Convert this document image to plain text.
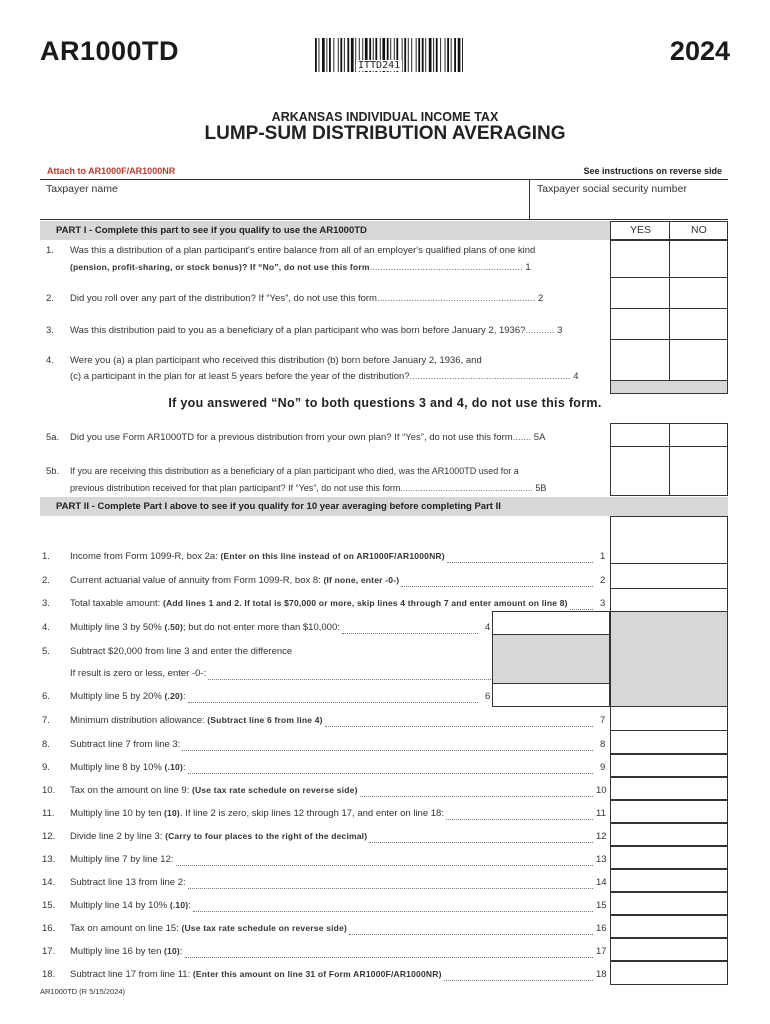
AR1000TD	2024
ITTD241
ARKANSAS INDIVIDUAL INCOME TAX
LUMP-SUM DISTRIBUTION AVERAGING
Attach to AR1000F/AR1000NR	See instructions on reverse side
Taxpayer name	Taxpayer social security number
PART I - Complete this part to see if you qualify to use the AR1000TD	YES	NO
1. Was this a distribution of a plan participant's entire balance from all of an employer's qualified plans of one kind
(pension, profit-sharing, or stock bonus)? If “No”, do not use this form.......................................................... 1
2. Did you roll over any part of the distribution? If “Yes”, do not use this form............................................................ 2
3. Was this distribution paid to you as a beneficiary of a plan participant who was born before January 2, 1936?........... 3
4. Were you (a) a plan participant who received this distribution (b) born before January 2, 1936, and
(c) a participant in the plan for at least 5 years before the year of the distribution?............................................................. 4
If you answered “No” to both questions 3 and 4, do not use this form.
5a. Did you use Form AR1000TD for a previous distribution from your own plan? If “Yes”, do not use this form....... 5A
5b. If you are receiving this distribution as a beneficiary of a plan participant who died, was the AR1000TD used for a
previous distribution received for that plan participant? If “Yes”, do not use this form..................................................... 5B
PART II - Complete Part I above to see if you qualify for 10 year averaging before completing Part II
1. Income from Form 1099-R, box 2a: (Enter on this line instead of on AR1000F/AR1000NR)	1
2. Current actuarial value of annuity from Form 1099-R, box 8: (If none, enter -0-)	2
3. Total taxable amount: (Add lines 1 and 2. If total is $70,000 or more, skip lines 4 through 7 and enter amount on line 8)	3
4. Multiply line 3 by 50% (.50); but do not enter more than $10,000:	4
5. Subtract $20,000 from line 3 and enter the difference
If result is zero or less, enter -0-:
6. Multiply line 5 by 20% (.20):	6
7. Minimum distribution allowance: (Subtract line 6 from line 4)	7
8. Subtract line 7 from line 3:	8
9. Multiply line 8 by 10% (.10):	9
10. Tax on the amount on line 9: (Use tax rate schedule on reverse side)	10
11. Multiply line 10 by ten (10). If line 2 is zero, skip lines 12 through 17, and enter on line 18:	11
12. Divide line 2 by line 3: (Carry to four places to the right of the decimal)	12
13. Multiply line 7 by line 12:	13
14. Subtract line 13 from line 2:	14
15. Multiply line 14 by 10% (.10):	15
16. Tax on amount on line 15: (Use tax rate schedule on reverse side)	16
17. Multiply line 16 by ten (10):	17
18. Subtract line 17 from line 11: (Enter this amount on line 31 of Form AR1000F/AR1000NR)	18
AR1000TD (R 5/15/2024)
